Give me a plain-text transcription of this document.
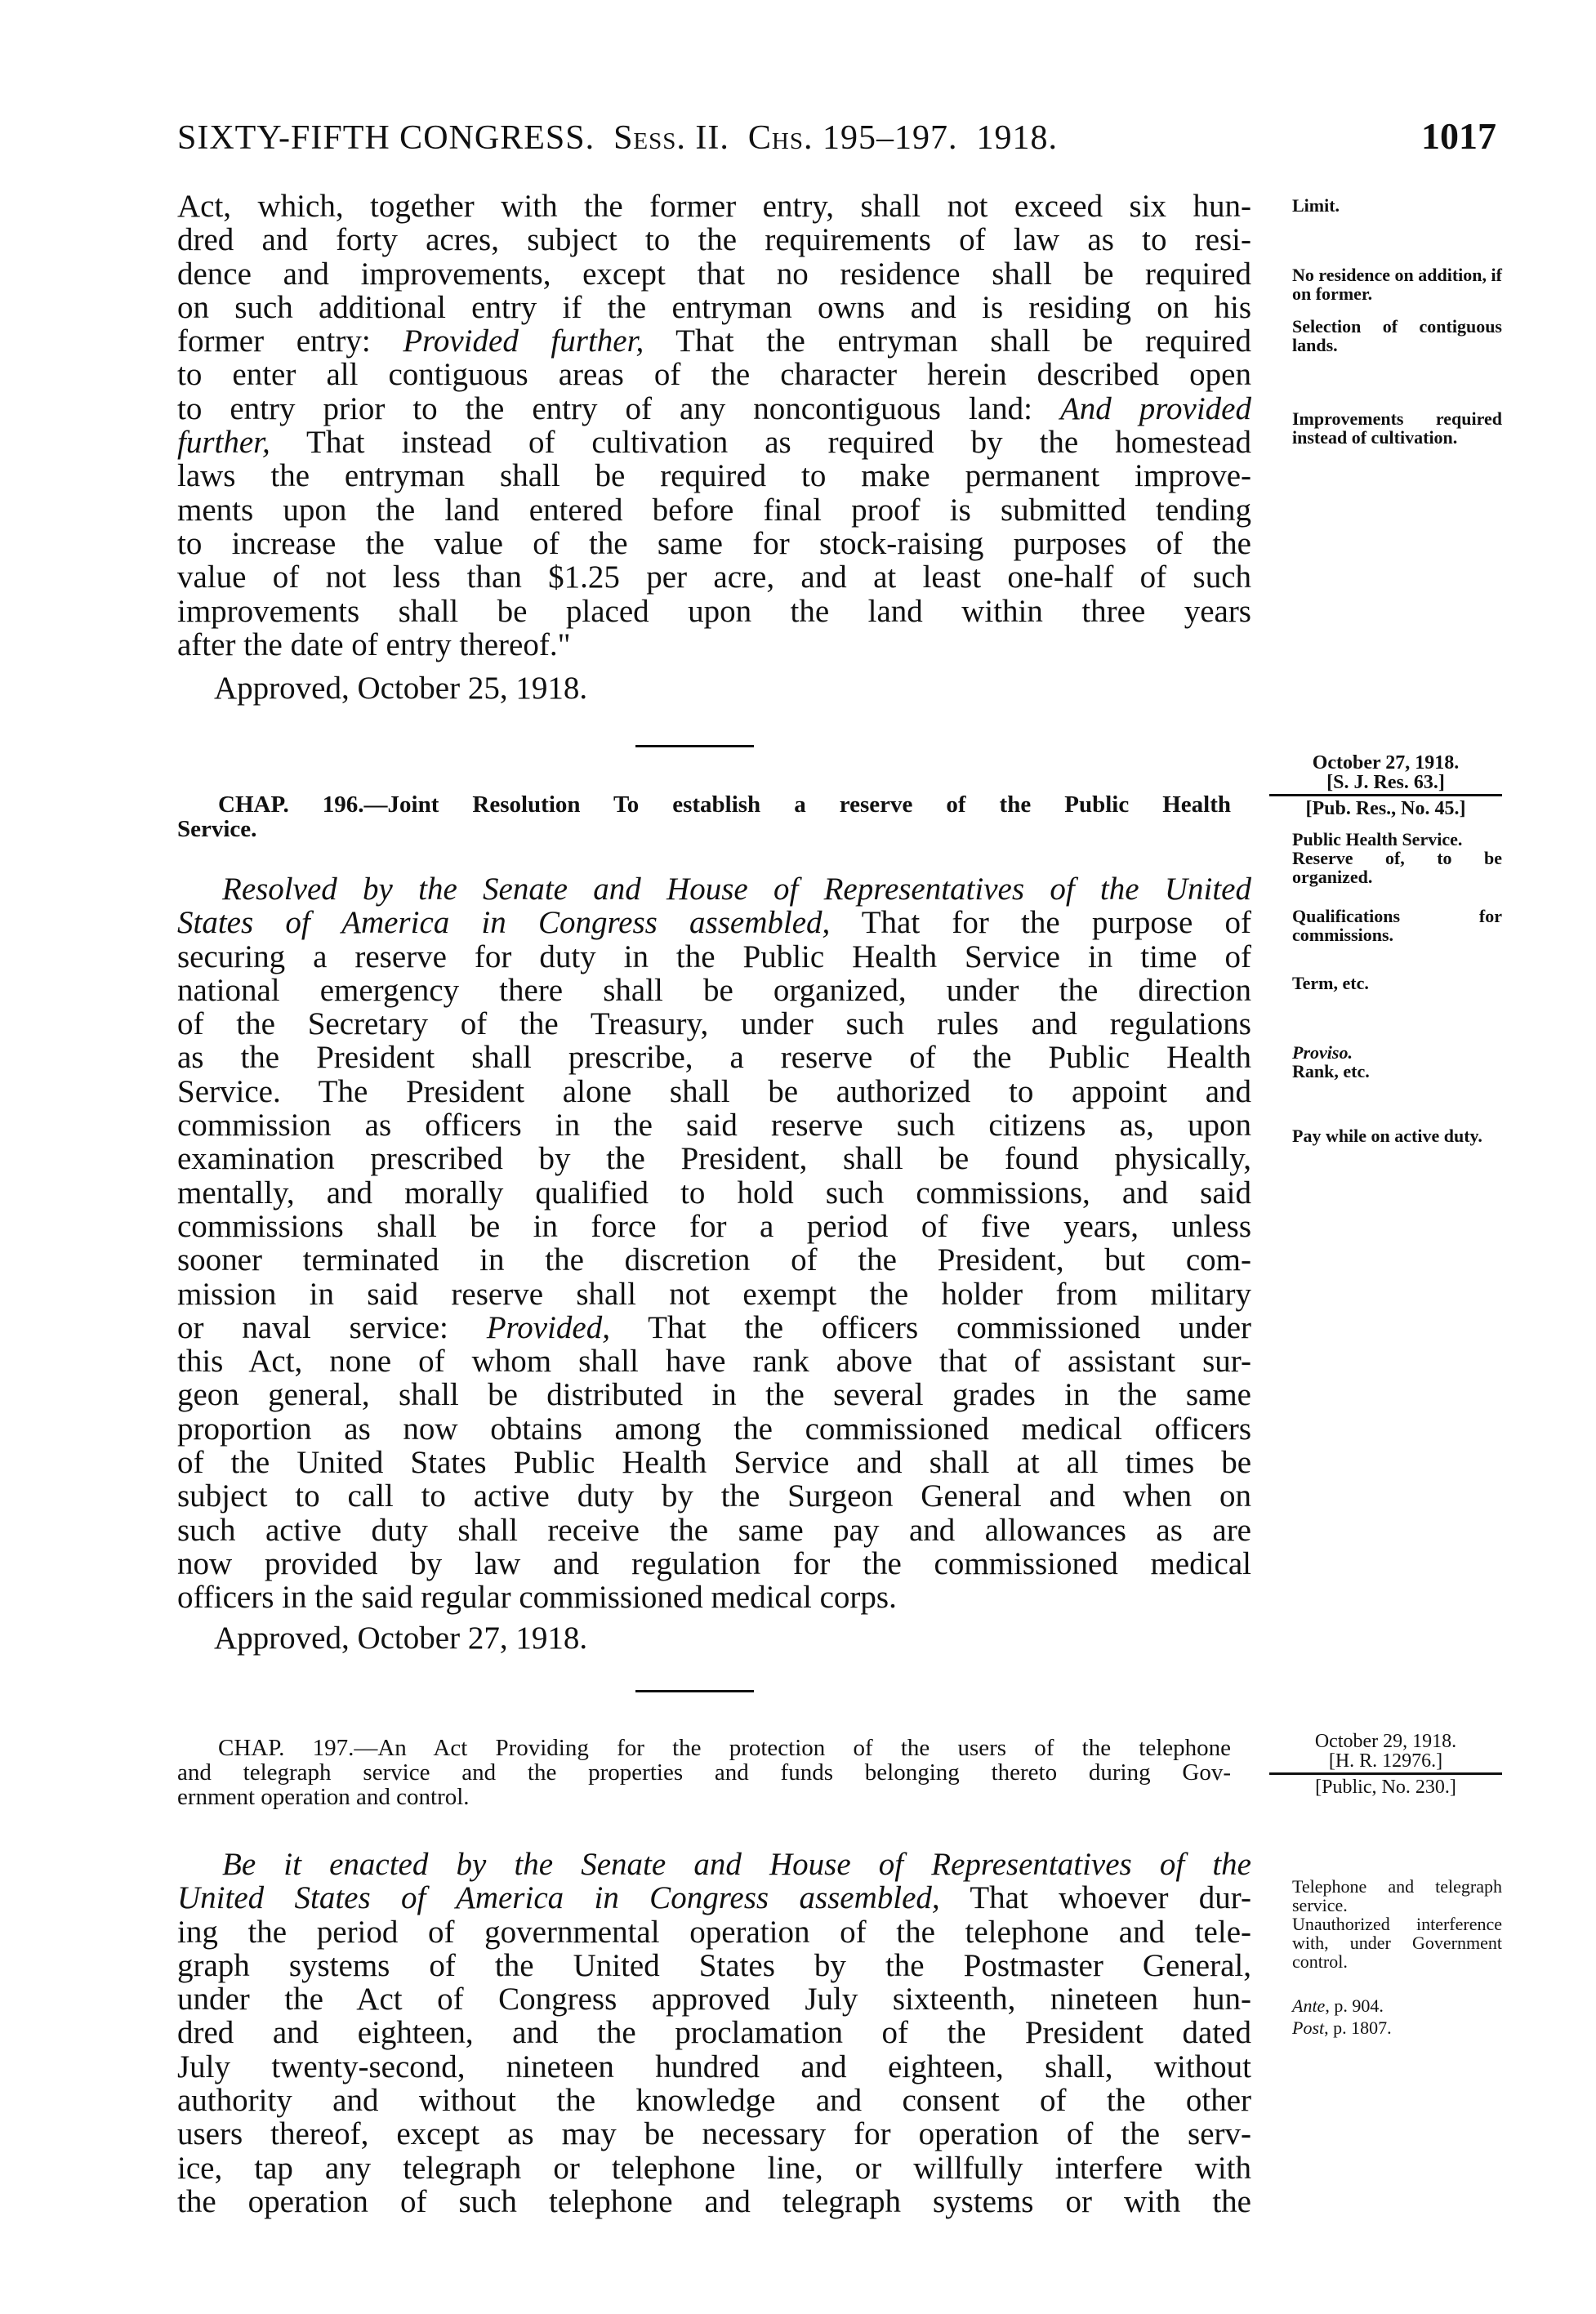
SIXTY-FIFTH CONGRESS. Sess. II. Chs. 195–197. 1918.	1017
Act, which, together with the former entry, shall not exceed six hun-
dred and forty acres, subject to the requirements of law as to resi-
dence and improvements, except that no residence shall be required
on such additional entry if the entryman owns and is residing on his
former entry: Provided further, That the entryman shall be required
to enter all contiguous areas of the character herein described open
to entry prior to the entry of any noncontiguous land: And provided
further, That instead of cultivation as required by the homestead
laws the entryman shall be required to make permanent improve-
ments upon the land entered before final proof is submitted tending
to increase the value of the same for stock-raising purposes of the
value of not less than $1.25 per acre, and at least one-half of such
improvements shall be placed upon the land within three years
after the date of entry thereof."
Approved, October 25, 1918.
Limit.
No residence on addition, if on former.
Selection of contiguous lands.
Improvements required instead of cultivation.
CHAP. 196.—Joint Resolution To establish a reserve of the Public Health
Service.
October 27, 1918.
[S. J. Res. 63.]
[Pub. Res., No. 45.]
Resolved by the Senate and House of Representatives of the United
States of America in Congress assembled, That for the purpose of
securing a reserve for duty in the Public Health Service in time of
national emergency there shall be organized, under the direction
of the Secretary of the Treasury, under such rules and regulations
as the President shall prescribe, a reserve of the Public Health
Service. The President alone shall be authorized to appoint and
commission as officers in the said reserve such citizens as, upon
examination prescribed by the President, shall be found physically,
mentally, and morally qualified to hold such commissions, and said
commissions shall be in force for a period of five years, unless
sooner terminated in the discretion of the President, but com-
mission in said reserve shall not exempt the holder from military
or naval service: Provided, That the officers commissioned under
this Act, none of whom shall have rank above that of assistant sur-
geon general, shall be distributed in the several grades in the same
proportion as now obtains among the commissioned medical officers
of the United States Public Health Service and shall at all times be
subject to call to active duty by the Surgeon General and when on
such active duty shall receive the same pay and allowances as are
now provided by law and regulation for the commissioned medical
officers in the said regular commissioned medical corps.
Approved, October 27, 1918.
Public Health Service.
Reserve of, to be organized.
Qualifications for commissions.
Term, etc.
Proviso.
Rank, etc.
Pay while on active duty.
CHAP. 197.—An Act Providing for the protection of the users of the telephone
and telegraph service and the properties and funds belonging thereto during Gov-
ernment operation and control.
October 29, 1918.
[H. R. 12976.]
[Public, No. 230.]
Be it enacted by the Senate and House of Representatives of the
United States of America in Congress assembled, That whoever dur-
ing the period of governmental operation of the telephone and tele-
graph systems of the United States by the Postmaster General,
under the Act of Congress approved July sixteenth, nineteen hun-
dred and eighteen, and the proclamation of the President dated
July twenty-second, nineteen hundred and eighteen, shall, without
authority and without the knowledge and consent of the other
users thereof, except as may be necessary for operation of the serv-
ice, tap any telegraph or telephone line, or willfully interfere with
the operation of such telephone and telegraph systems or with the
Telephone and telegraph service.
Unauthorized interference with, under Government control.
Ante, p. 904.
Post, p. 1807.
